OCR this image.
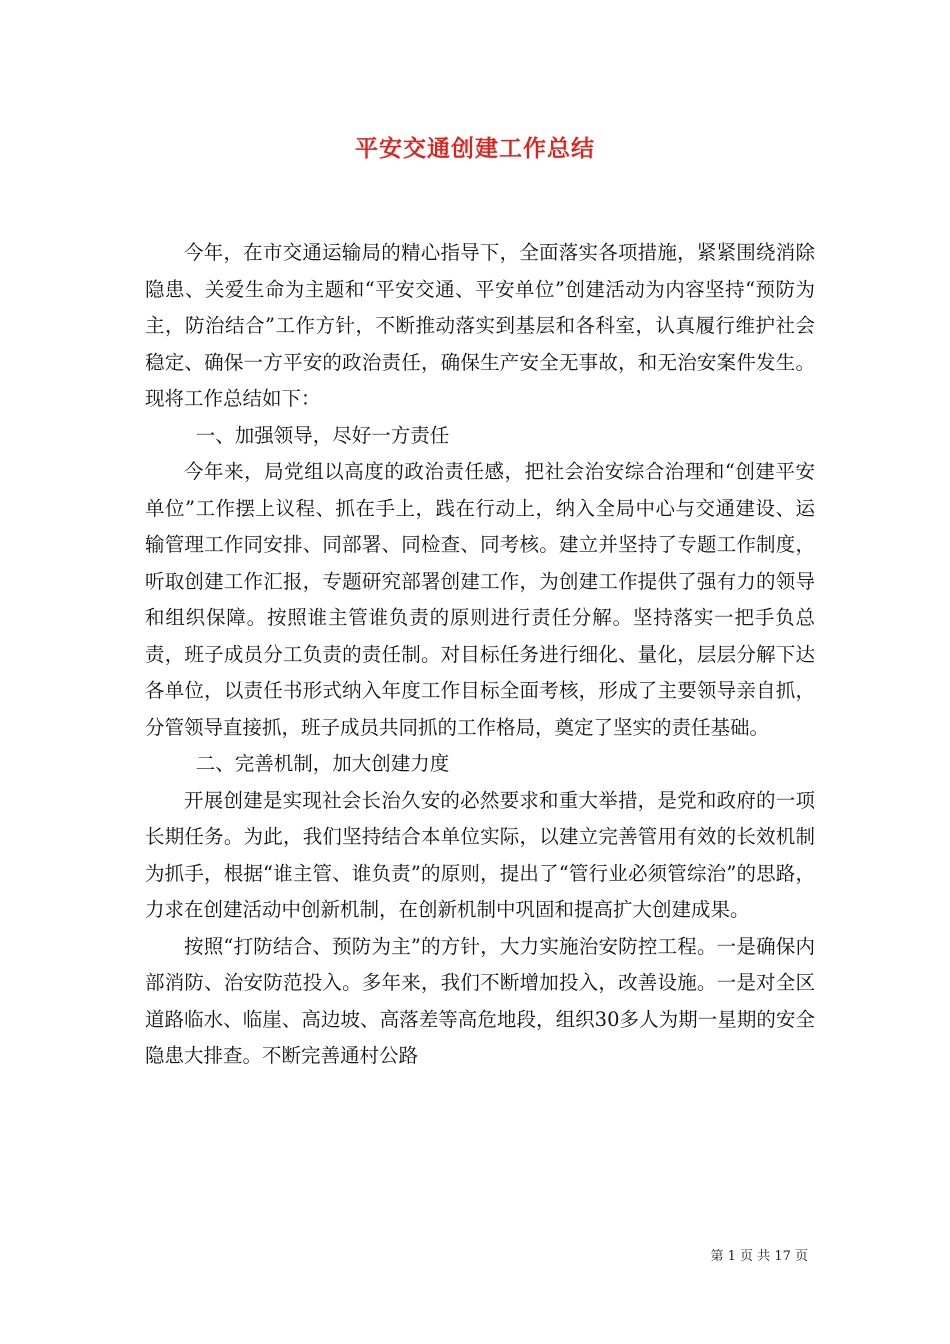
平安交通创建工作总结

今年，在市交通运输局的精心指导下，全面落实各项措施，紧紧围绕消除隐患、关爱生命为主题和“平安交通、平安单位”创建活动为内容坚持“预防为主，防治结合”工作方针，不断推动落实到基层和各科室，认真履行维护社会稳定、确保一方平安的政治责任，确保生产安全无事故，和无治安案件发生。现将工作总结如下：

一、加强领导，尽好一方责任

今年来，局党组以高度的政治责任感，把社会治安综合治理和“创建平安单位”工作摆上议程、抓在手上，践在行动上，纳入全局中心与交通建设、运输管理工作同安排、同部署、同检查、同考核。建立并坚持了专题工作制度，听取创建工作汇报，专题研究部署创建工作，为创建工作提供了强有力的领导和组织保障。按照谁主管谁负责的原则进行责任分解。坚持落实一把手负总责，班子成员分工负责的责任制。对目标任务进行细化、量化，层层分解下达各单位，以责任书形式纳入年度工作目标全面考核，形成了主要领导亲自抓，分管领导直接抓，班子成员共同抓的工作格局，奠定了坚实的责任基础。

二、完善机制，加大创建力度

开展创建是实现社会长治久安的必然要求和重大举措，是党和政府的一项长期任务。为此，我们坚持结合本单位实际，以建立完善管用有效的长效机制为抓手，根据“谁主管、谁负责”的原则，提出了“管行业必须管综治”的思路，力求在创建活动中创新机制，在创新机制中巩固和提高扩大创建成果。

按照“打防结合、预防为主”的方针，大力实施治安防控工程。一是确保内部消防、治安防范投入。多年来，我们不断增加投入，改善设施。一是对全区道路临水、临崖、高边坡、高落差等高危地段，组织30多人为期一星期的安全隐患大排查。不断完善通村公路

第 1 页 共 17 页
